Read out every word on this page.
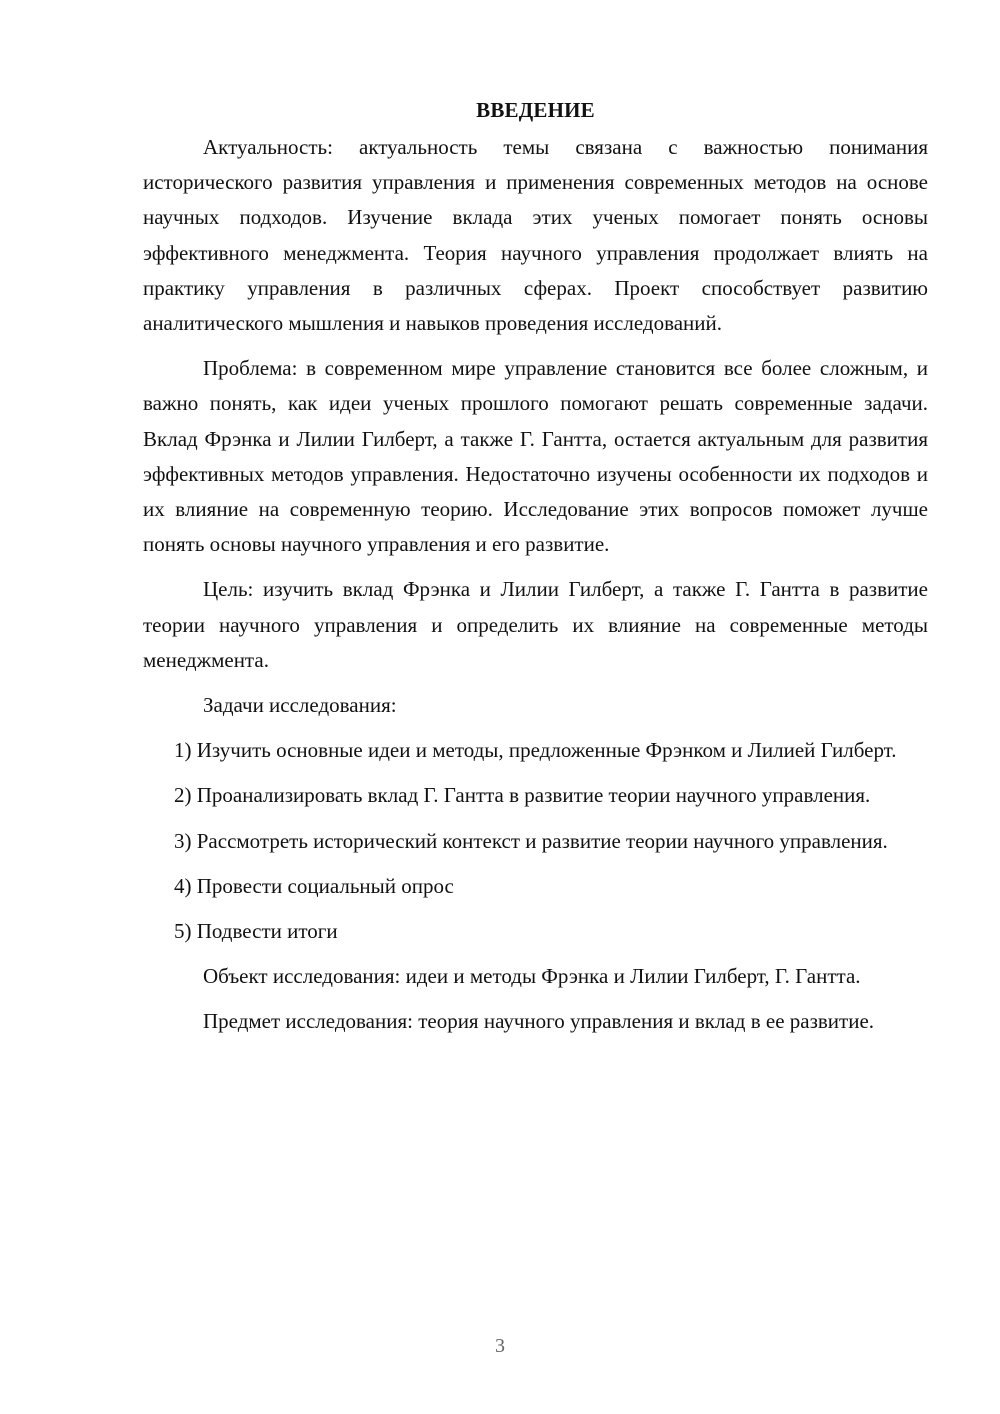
ВВЕДЕНИЕ

Актуальность: актуальность темы связана с важностью понимания исторического развития управления и применения современных методов на основе научных подходов. Изучение вклада этих ученых помогает понять основы эффективного менеджмента. Теория научного управления продолжает влиять на практику управления в различных сферах. Проект способствует развитию аналитического мышления и навыков проведения исследований.

Проблема: в современном мире управление становится все более сложным, и важно понять, как идеи ученых прошлого помогают решать современные задачи. Вклад Фрэнка и Лилии Гилберт, а также Г. Гантта, остается актуальным для развития эффективных методов управления. Недостаточно изучены особенности их подходов и их влияние на современную теорию. Исследование этих вопросов поможет лучше понять основы научного управления и его развитие.

Цель: изучить вклад Фрэнка и Лилии Гилберт, а также Г. Гантта в развитие теории научного управления и определить их влияние на современные методы менеджмента.

Задачи исследования:

1) Изучить основные идеи и методы, предложенные Фрэнком и Лилией Гилберт.

2) Проанализировать вклад Г. Гантта в развитие теории научного управления.

3) Рассмотреть исторический контекст и развитие теории научного управления.

4) Провести социальный опрос

5) Подвести итоги

Объект исследования: идеи и методы Фрэнка и Лилии Гилберт, Г. Гантта.

Предмет исследования: теория научного управления и вклад в ее развитие.

3
